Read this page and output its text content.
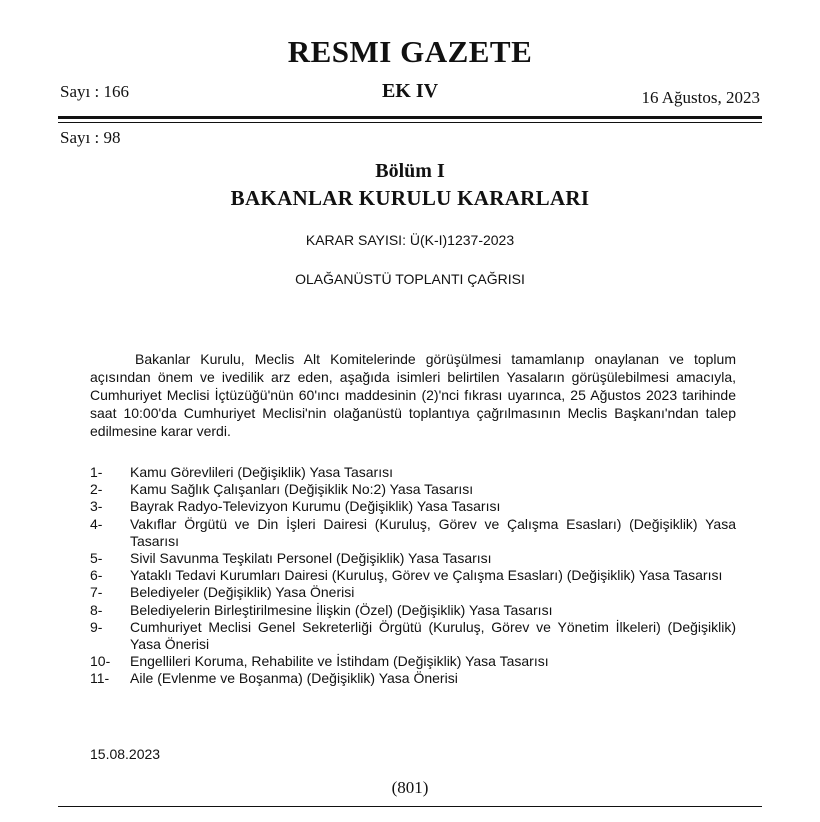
RESMI GAZETE
Sayı : 166	EK IV	16 Ağustos, 2023
Sayı : 98
Bölüm I
BAKANLAR KURULU KARARLARI
KARAR SAYISI: Ü(K-I)1237-2023
OLAĞANÜSTÜ TOPLANTI ÇAĞRISI

Bakanlar Kurulu, Meclis Alt Komitelerinde görüşülmesi tamamlanıp onaylanan ve toplum açısından önem ve ivedilik arz eden, aşağıda isimleri belirtilen Yasaların görüşülebilmesi amacıyla, Cumhuriyet Meclisi İçtüzüğü'nün 60'ıncı maddesinin (2)'nci fıkrası uyarınca, 25 Ağustos 2023 tarihinde saat 10:00'da Cumhuriyet Meclisi'nin olağanüstü toplantıya çağrılmasının Meclis Başkanı'ndan talep edilmesine karar verdi.

1-	Kamu Görevlileri (Değişiklik) Yasa Tasarısı
2-	Kamu Sağlık Çalışanları (Değişiklik No:2) Yasa Tasarısı
3-	Bayrak Radyo-Televizyon Kurumu (Değişiklik) Yasa Tasarısı
4-	Vakıflar Örgütü ve Din İşleri Dairesi (Kuruluş, Görev ve Çalışma Esasları) (Değişiklik) Yasa Tasarısı
5-	Sivil Savunma Teşkilatı Personel (Değişiklik) Yasa Tasarısı
6-	Yataklı Tedavi Kurumları Dairesi (Kuruluş, Görev ve Çalışma Esasları) (Değişiklik) Yasa Tasarısı
7-	Belediyeler (Değişiklik) Yasa Önerisi
8-	Belediyelerin Birleştirilmesine İlişkin (Özel) (Değişiklik) Yasa Tasarısı
9-	Cumhuriyet Meclisi Genel Sekreterliği Örgütü (Kuruluş, Görev ve Yönetim İlkeleri) (Değişiklik) Yasa Önerisi
10-	Engellileri Koruma, Rehabilite ve İstihdam (Değişiklik) Yasa Tasarısı
11-	Aile (Evlenme ve Boşanma) (Değişiklik) Yasa Önerisi
15.08.2023
(801)
